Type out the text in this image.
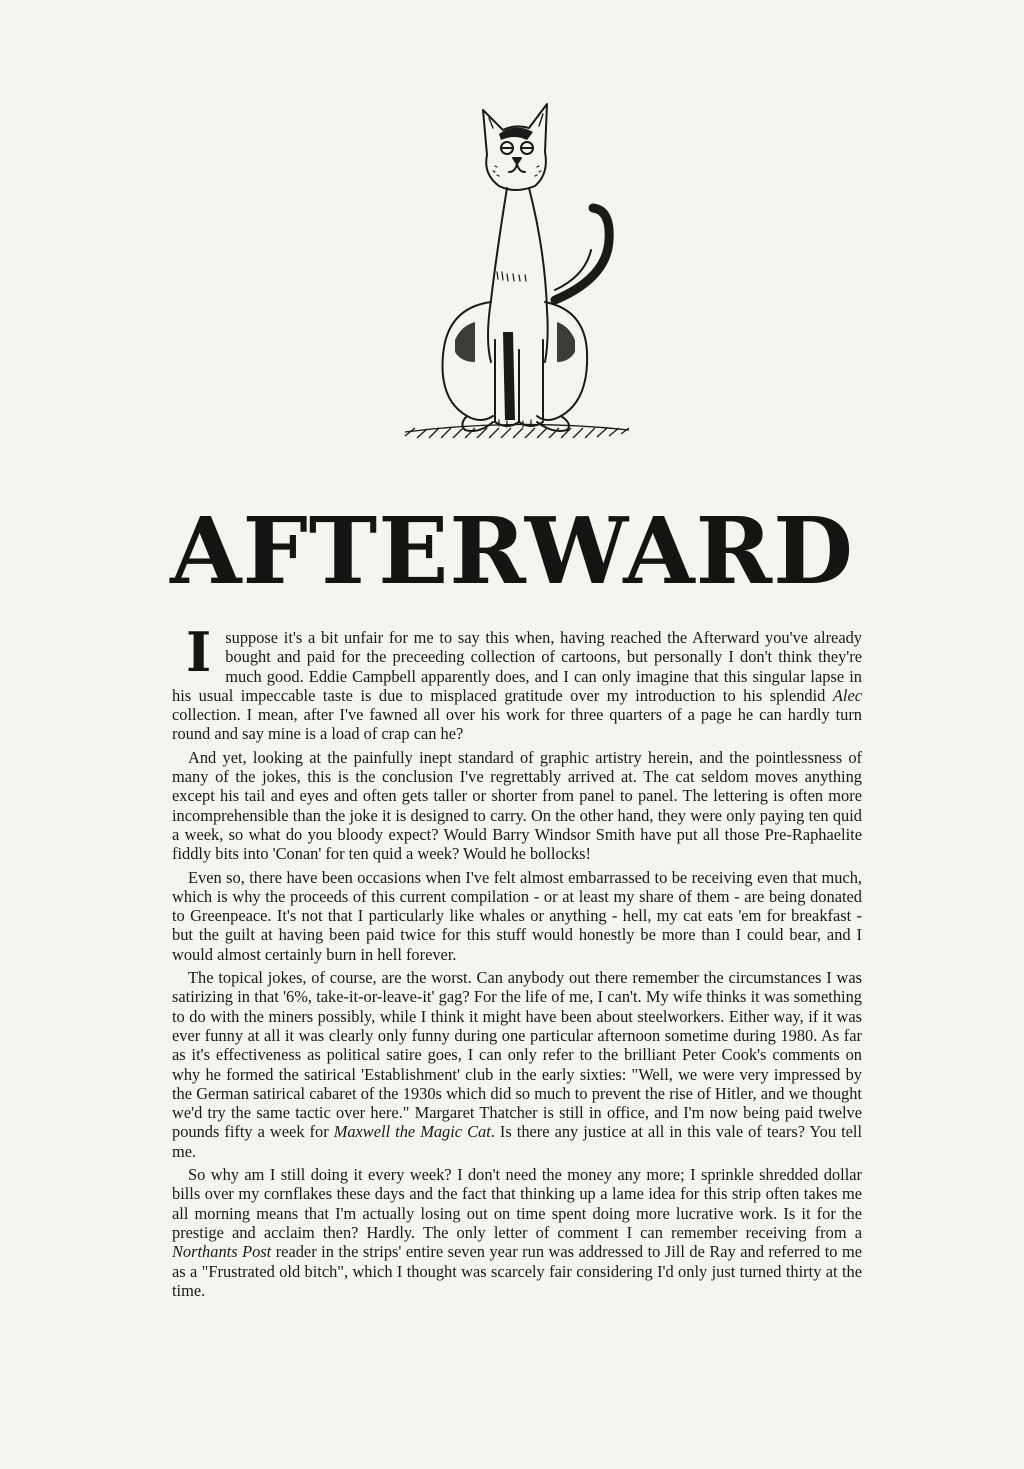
AFTERWARD

Isuppose it's a bit unfair for me to say this when, having reached the Afterward you've already bought and paid for the preceeding collection of cartoons, but personally I don't think they're much good. Eddie Campbell apparently does, and I can only imagine that this singular lapse in his usual impeccable taste is due to misplaced gratitude over my introduction to his splendid Alec collection. I mean, after I've fawned all over his work for three quarters of a page he can hardly turn round and say mine is a load of crap can he?

And yet, looking at the painfully inept standard of graphic artistry herein, and the pointlessness of many of the jokes, this is the conclusion I've regrettably arrived at. The cat seldom moves anything except his tail and eyes and often gets taller or shorter from panel to panel. The lettering is often more incomprehensible than the joke it is designed to carry. On the other hand, they were only paying ten quid a week, so what do you bloody expect? Would Barry Windsor Smith have put all those Pre-Raphaelite fiddly bits into 'Conan' for ten quid a week? Would he bollocks!

Even so, there have been occasions when I've felt almost embarrassed to be receiving even that much, which is why the proceeds of this current compilation - or at least my share of them - are being donated to Greenpeace. It's not that I particularly like whales or anything - hell, my cat eats 'em for breakfast - but the guilt at having been paid twice for this stuff would honestly be more than I could bear, and I would almost certainly burn in hell forever.

The topical jokes, of course, are the worst. Can anybody out there remember the circumstances I was satirizing in that '6%, take-it-or-leave-it' gag? For the life of me, I can't. My wife thinks it was something to do with the miners possibly, while I think it might have been about steelworkers. Either way, if it was ever funny at all it was clearly only funny during one particular afternoon sometime during 1980. As far as it's effectiveness as political satire goes, I can only refer to the brilliant Peter Cook's comments on why he formed the satirical 'Establishment' club in the early sixties: "Well, we were very impressed by the German satirical cabaret of the 1930s which did so much to prevent the rise of Hitler, and we thought we'd try the same tactic over here." Margaret Thatcher is still in office, and I'm now being paid twelve pounds fifty a week for Maxwell the Magic Cat. Is there any justice at all in this vale of tears? You tell me.

So why am I still doing it every week? I don't need the money any more; I sprinkle shredded dollar bills over my cornflakes these days and the fact that thinking up a lame idea for this strip often takes me all morning means that I'm actually losing out on time spent doing more lucrative work. Is it for the prestige and acclaim then? Hardly. The only letter of comment I can remember receiving from a Northants Post reader in the strips' entire seven year run was addressed to Jill de Ray and referred to me as a "Frustrated old bitch", which I thought was scarcely fair considering I'd only just turned thirty at the time.
